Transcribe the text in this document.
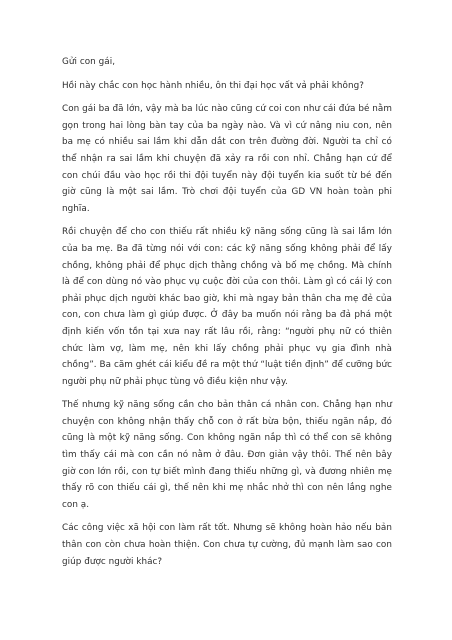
Gửi con gái,

Hồi này chắc con học hành nhiều, ôn thi đại học vất vả phải không?

Con gái ba đã lớn, vậy mà ba lúc nào cũng cứ coi con như cái đứa bé nằm gọn trong hai lòng bàn tay của ba ngày nào. Và vì cứ nâng niu con, nên ba mẹ có nhiều sai lầm khi dẫn dắt con trên đường đời. Người ta chỉ có thể nhận ra sai lầm khi chuyện đã xảy ra rồi con nhỉ. Chẳng hạn cứ để con chúi đầu vào học rồi thi đội tuyển này đội tuyển kia suốt từ bé đến giờ cũng là một sai lầm. Trò chơi đội tuyển của GD VN hoàn toàn phi nghĩa.

Rồi chuyện để cho con thiếu rất nhiều kỹ năng sống cũng là sai lầm lớn của ba mẹ. Ba đã từng nói với con: các kỹ năng sống không phải để lấy chồng, không phải để phục dịch thằng chồng và bố mẹ chồng. Mà chính là để con dùng nó vào phục vụ cuộc đời của con thôi. Làm gì có cái lý con phải phục dịch người khác bao giờ, khi mà ngay bản thân cha mẹ đẻ của con, con chưa làm gì giúp được. Ở đây ba muốn nói rằng ba đả phá một định kiến vốn tồn tại xưa nay rất lâu rồi, rằng: “người phụ nữ có thiên chức làm vợ, làm mẹ, nên khi lấy chồng phải phục vụ gia đình nhà chồng”. Ba căm ghét cái kiểu đề ra một thứ “luật tiền định” để cưỡng bức người phụ nữ phải phục tùng vô điều kiện như vậy.

Thế nhưng kỹ năng sống cần cho bản thân cá nhân con. Chẳng hạn như chuyện con không nhận thấy chỗ con ở rất bừa bộn, thiếu ngăn nắp, đó cũng là một kỹ năng sống. Con không ngăn nắp thì có thể con sẽ không tìm thấy cái mà con cần nó nằm ở đâu. Đơn giản vậy thôi. Thế nên bây giờ con lớn rồi, con tự biết mình đang thiếu những gì, và đương nhiên mẹ thấy rõ con thiếu cái gì, thế nên khi mẹ nhắc nhở thì con nên lắng nghe con ạ.

Các công việc xã hội con làm rất tốt. Nhưng sẽ không hoàn hảo nếu bản thân con còn chưa hoàn thiện. Con chưa tự cường, đủ mạnh làm sao con giúp được người khác?
